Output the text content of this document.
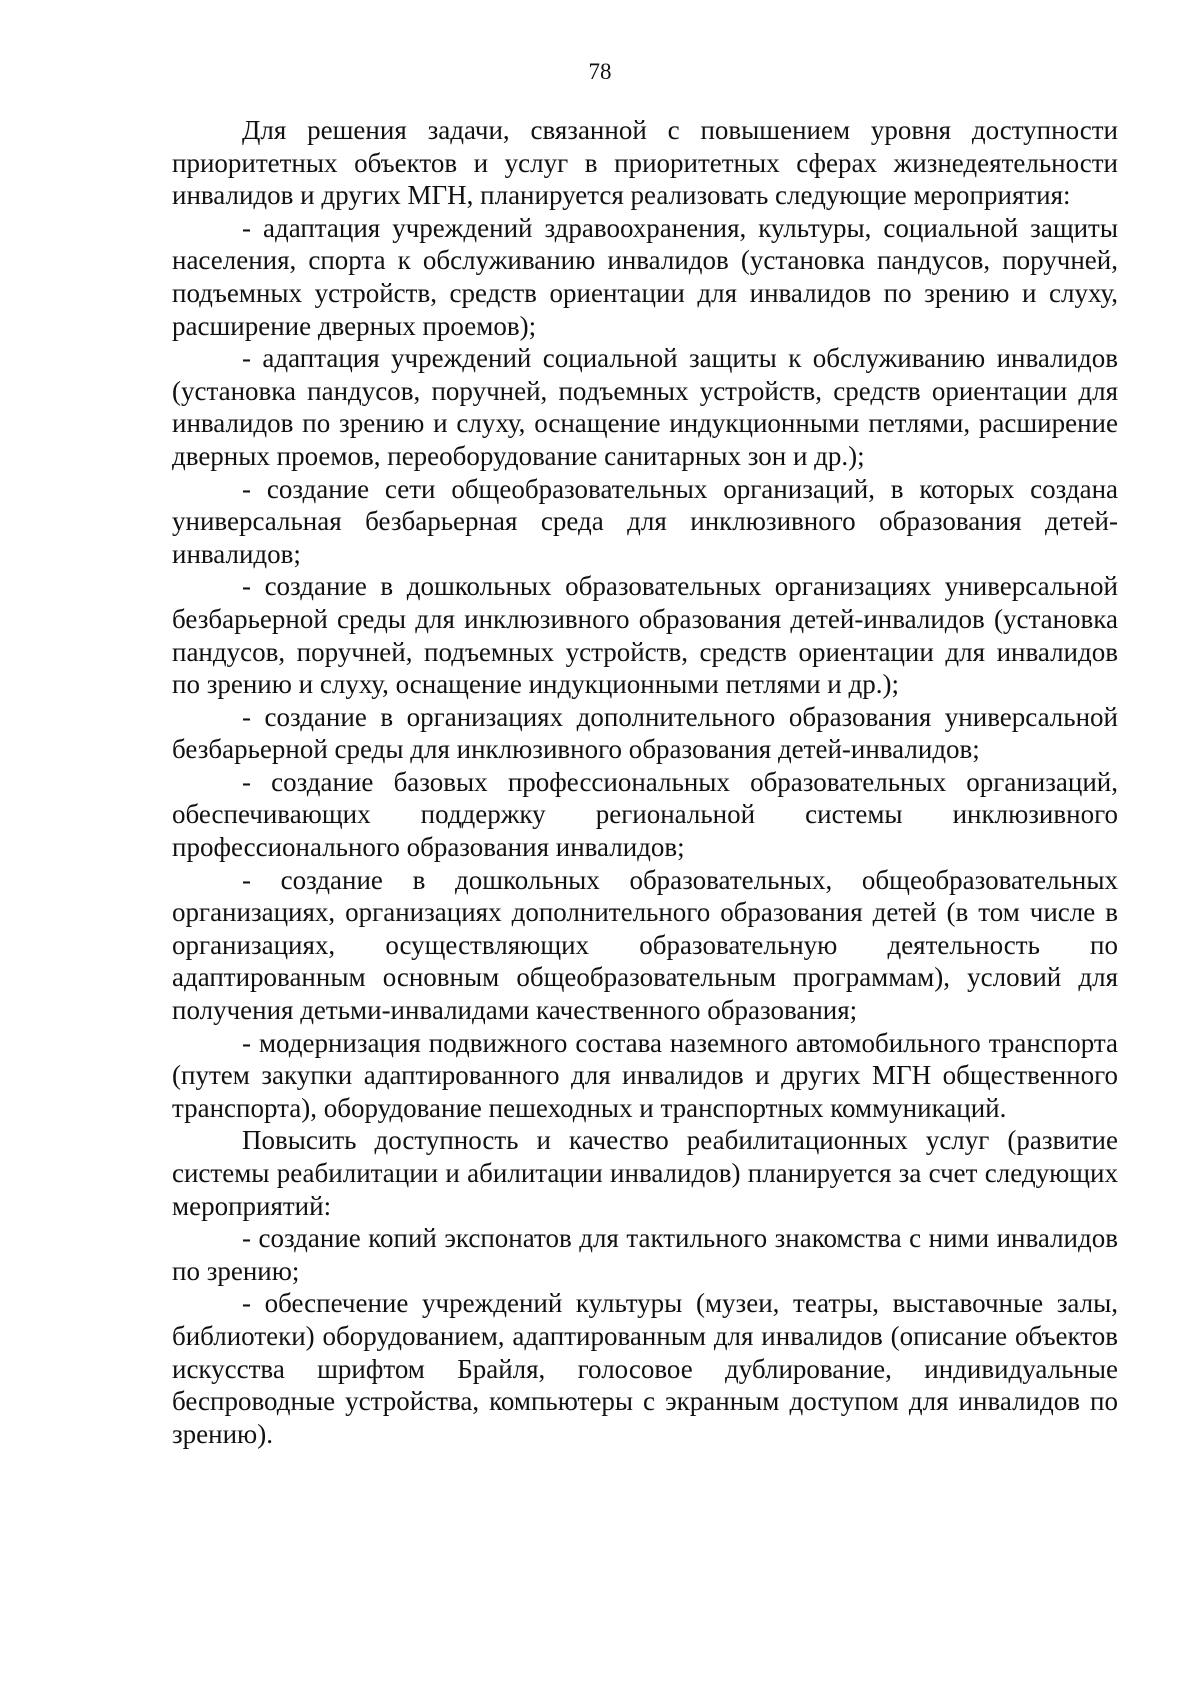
78

Для решения задачи, связанной с повышением уровня доступности приоритетных объектов и услуг в приоритетных сферах жизнедеятельности инвалидов и других МГН, планируется реализовать следующие мероприятия:

- адаптация учреждений здравоохранения, культуры, социальной защиты населения, спорта к обслуживанию инвалидов (установка пандусов, поручней, подъемных устройств, средств ориентации для инвалидов по зрению и слуху, расширение дверных проемов);

- адаптация учреждений социальной защиты к обслуживанию инвалидов (установка пандусов, поручней, подъемных устройств, средств ориентации для инвалидов по зрению и слуху, оснащение индукционными петлями, расширение дверных проемов, переоборудование санитарных зон и др.);

- создание сети общеобразовательных организаций, в которых создана универсальная безбарьерная среда для инклюзивного образования детей-инвалидов;

- создание в дошкольных образовательных организациях универсальной безбарьерной среды для инклюзивного образования детей-инвалидов (установка пандусов, поручней, подъемных устройств, средств ориентации для инвалидов по зрению и слуху, оснащение индукционными петлями и др.);

- создание в организациях дополнительного образования универсальной безбарьерной среды для инклюзивного образования детей-инвалидов;

- создание базовых профессиональных образовательных организаций, обеспечивающих поддержку региональной системы инклюзивного профессионального образования инвалидов;

- создание в дошкольных образовательных, общеобразовательных организациях, организациях дополнительного образования детей (в том числе в организациях, осуществляющих образовательную деятельность по адаптированным основным общеобразовательным программам), условий для получения детьми-инвалидами качественного образования;

- модернизация подвижного состава наземного автомобильного транспорта (путем закупки адаптированного для инвалидов и других МГН общественного транспорта), оборудование пешеходных и транспортных коммуникаций.

Повысить доступность и качество реабилитационных услуг (развитие системы реабилитации и абилитации инвалидов) планируется за счет следующих мероприятий:

- создание копий экспонатов для тактильного знакомства с ними инвалидов по зрению;

- обеспечение учреждений культуры (музеи, театры, выставочные залы, библиотеки) оборудованием, адаптированным для инвалидов (описание объектов искусства шрифтом Брайля, голосовое дублирование, индивидуальные беспроводные устройства, компьютеры с экранным доступом для инвалидов по зрению).
